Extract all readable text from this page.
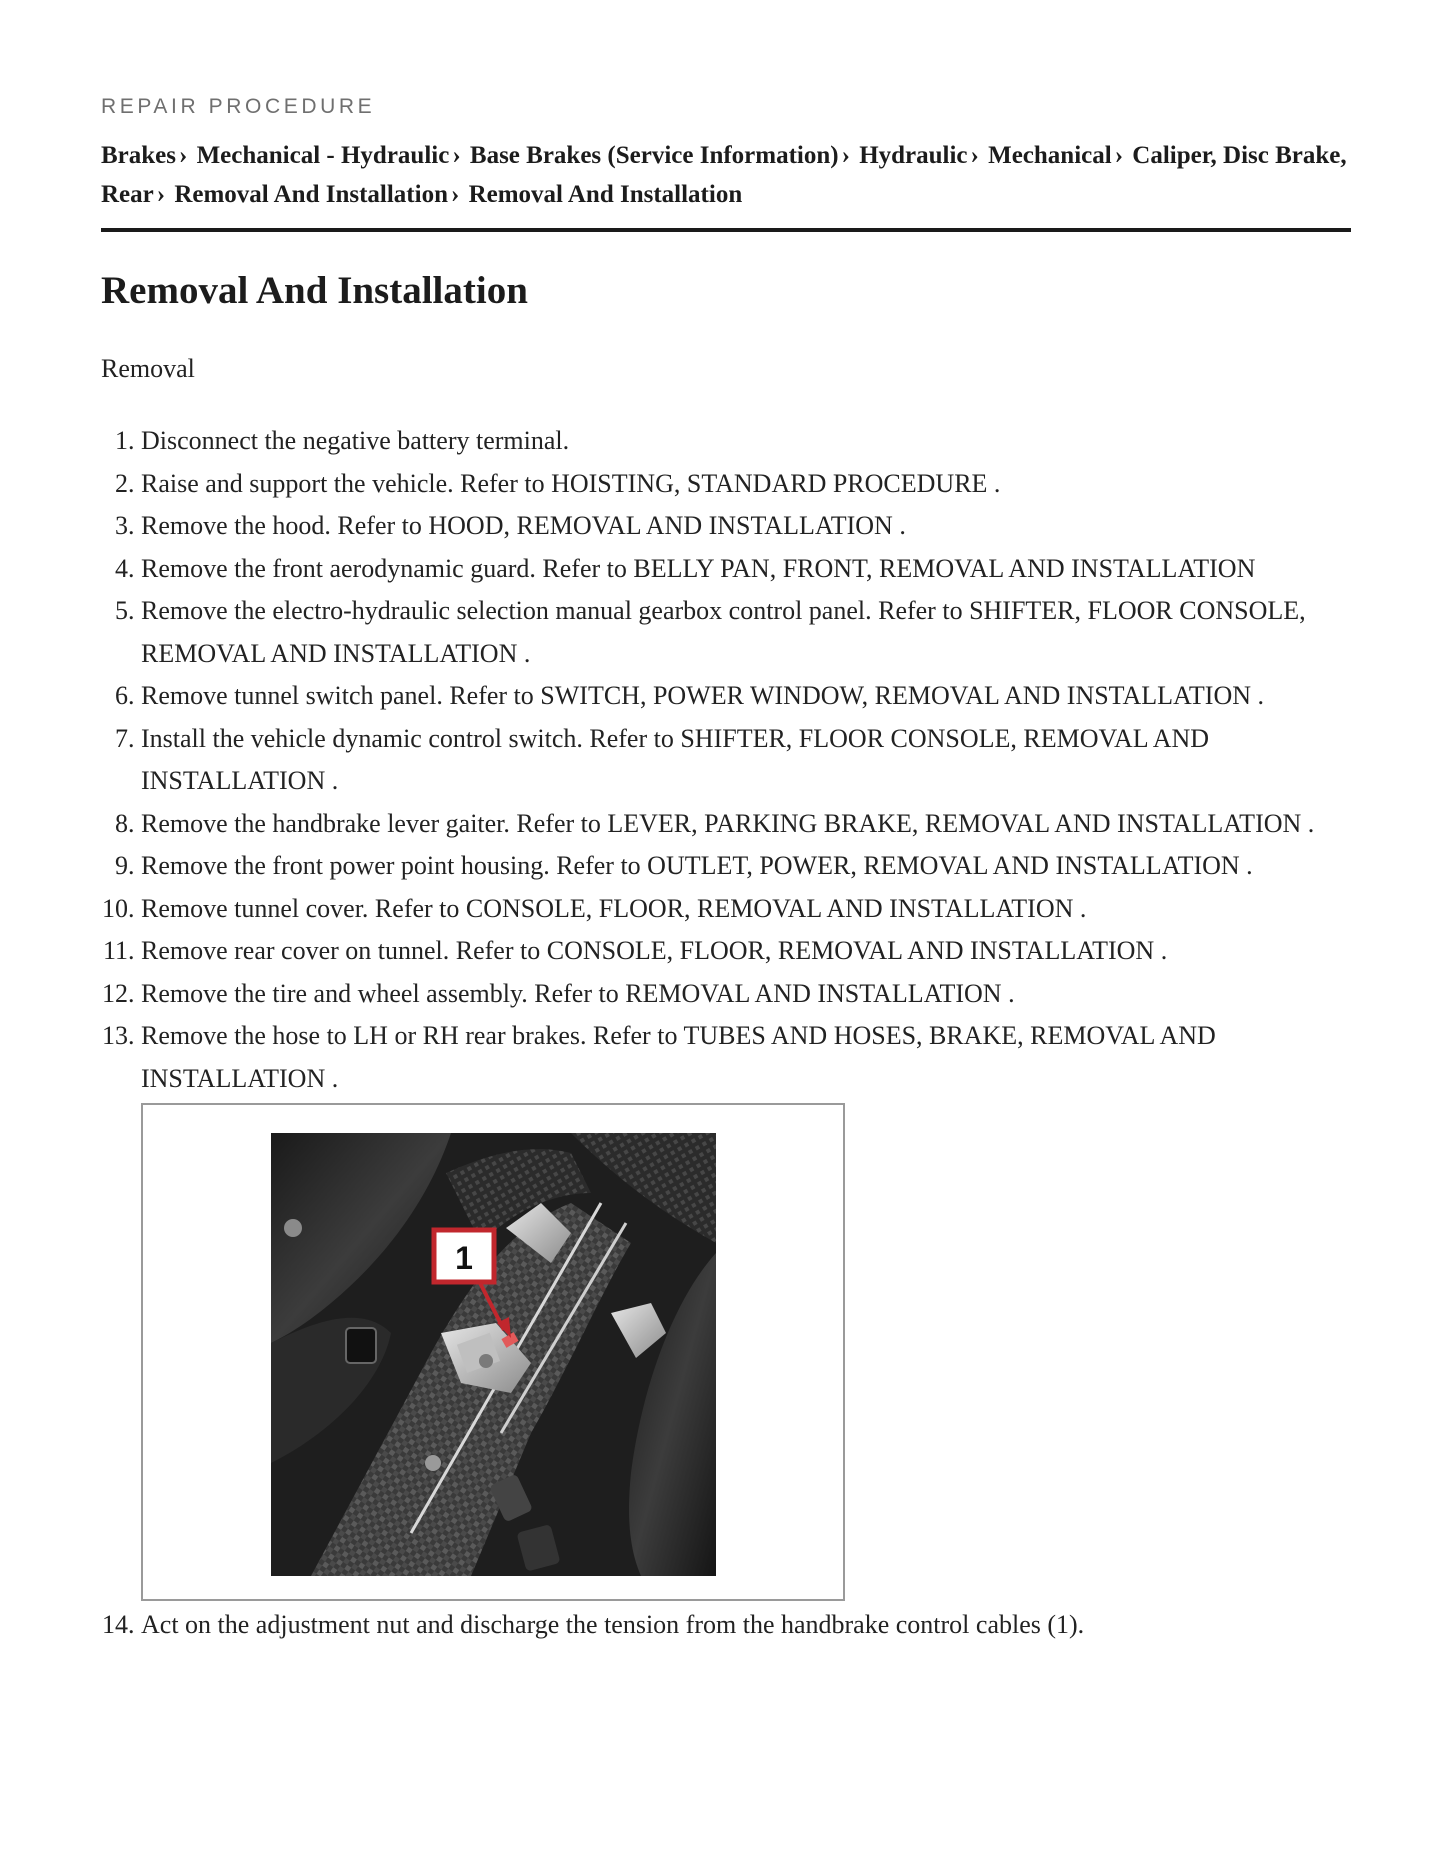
REPAIR PROCEDURE
Brakes › Mechanical - Hydraulic › Base Brakes (Service Information) › Hydraulic › Mechanical › Caliper, Disc Brake, Rear › Removal And Installation › Removal And Installation
Removal And Installation
Removal
1. Disconnect the negative battery terminal.
2. Raise and support the vehicle. Refer to HOISTING, STANDARD PROCEDURE .
3. Remove the hood. Refer to HOOD, REMOVAL AND INSTALLATION .
4. Remove the front aerodynamic guard. Refer to BELLY PAN, FRONT, REMOVAL AND INSTALLATION
5. Remove the electro-hydraulic selection manual gearbox control panel. Refer to SHIFTER, FLOOR CONSOLE, REMOVAL AND INSTALLATION .
6. Remove tunnel switch panel. Refer to SWITCH, POWER WINDOW, REMOVAL AND INSTALLATION .
7. Install the vehicle dynamic control switch. Refer to SHIFTER, FLOOR CONSOLE, REMOVAL AND INSTALLATION .
8. Remove the handbrake lever gaiter. Refer to LEVER, PARKING BRAKE, REMOVAL AND INSTALLATION .
9. Remove the front power point housing. Refer to OUTLET, POWER, REMOVAL AND INSTALLATION .
10. Remove tunnel cover. Refer to CONSOLE, FLOOR, REMOVAL AND INSTALLATION .
11. Remove rear cover on tunnel. Refer to CONSOLE, FLOOR, REMOVAL AND INSTALLATION .
12. Remove the tire and wheel assembly. Refer to REMOVAL AND INSTALLATION .
13. Remove the hose to LH or RH rear brakes. Refer to TUBES AND HOSES, BRAKE, REMOVAL AND INSTALLATION .
1
14. Act on the adjustment nut and discharge the tension from the handbrake control cables (1).
